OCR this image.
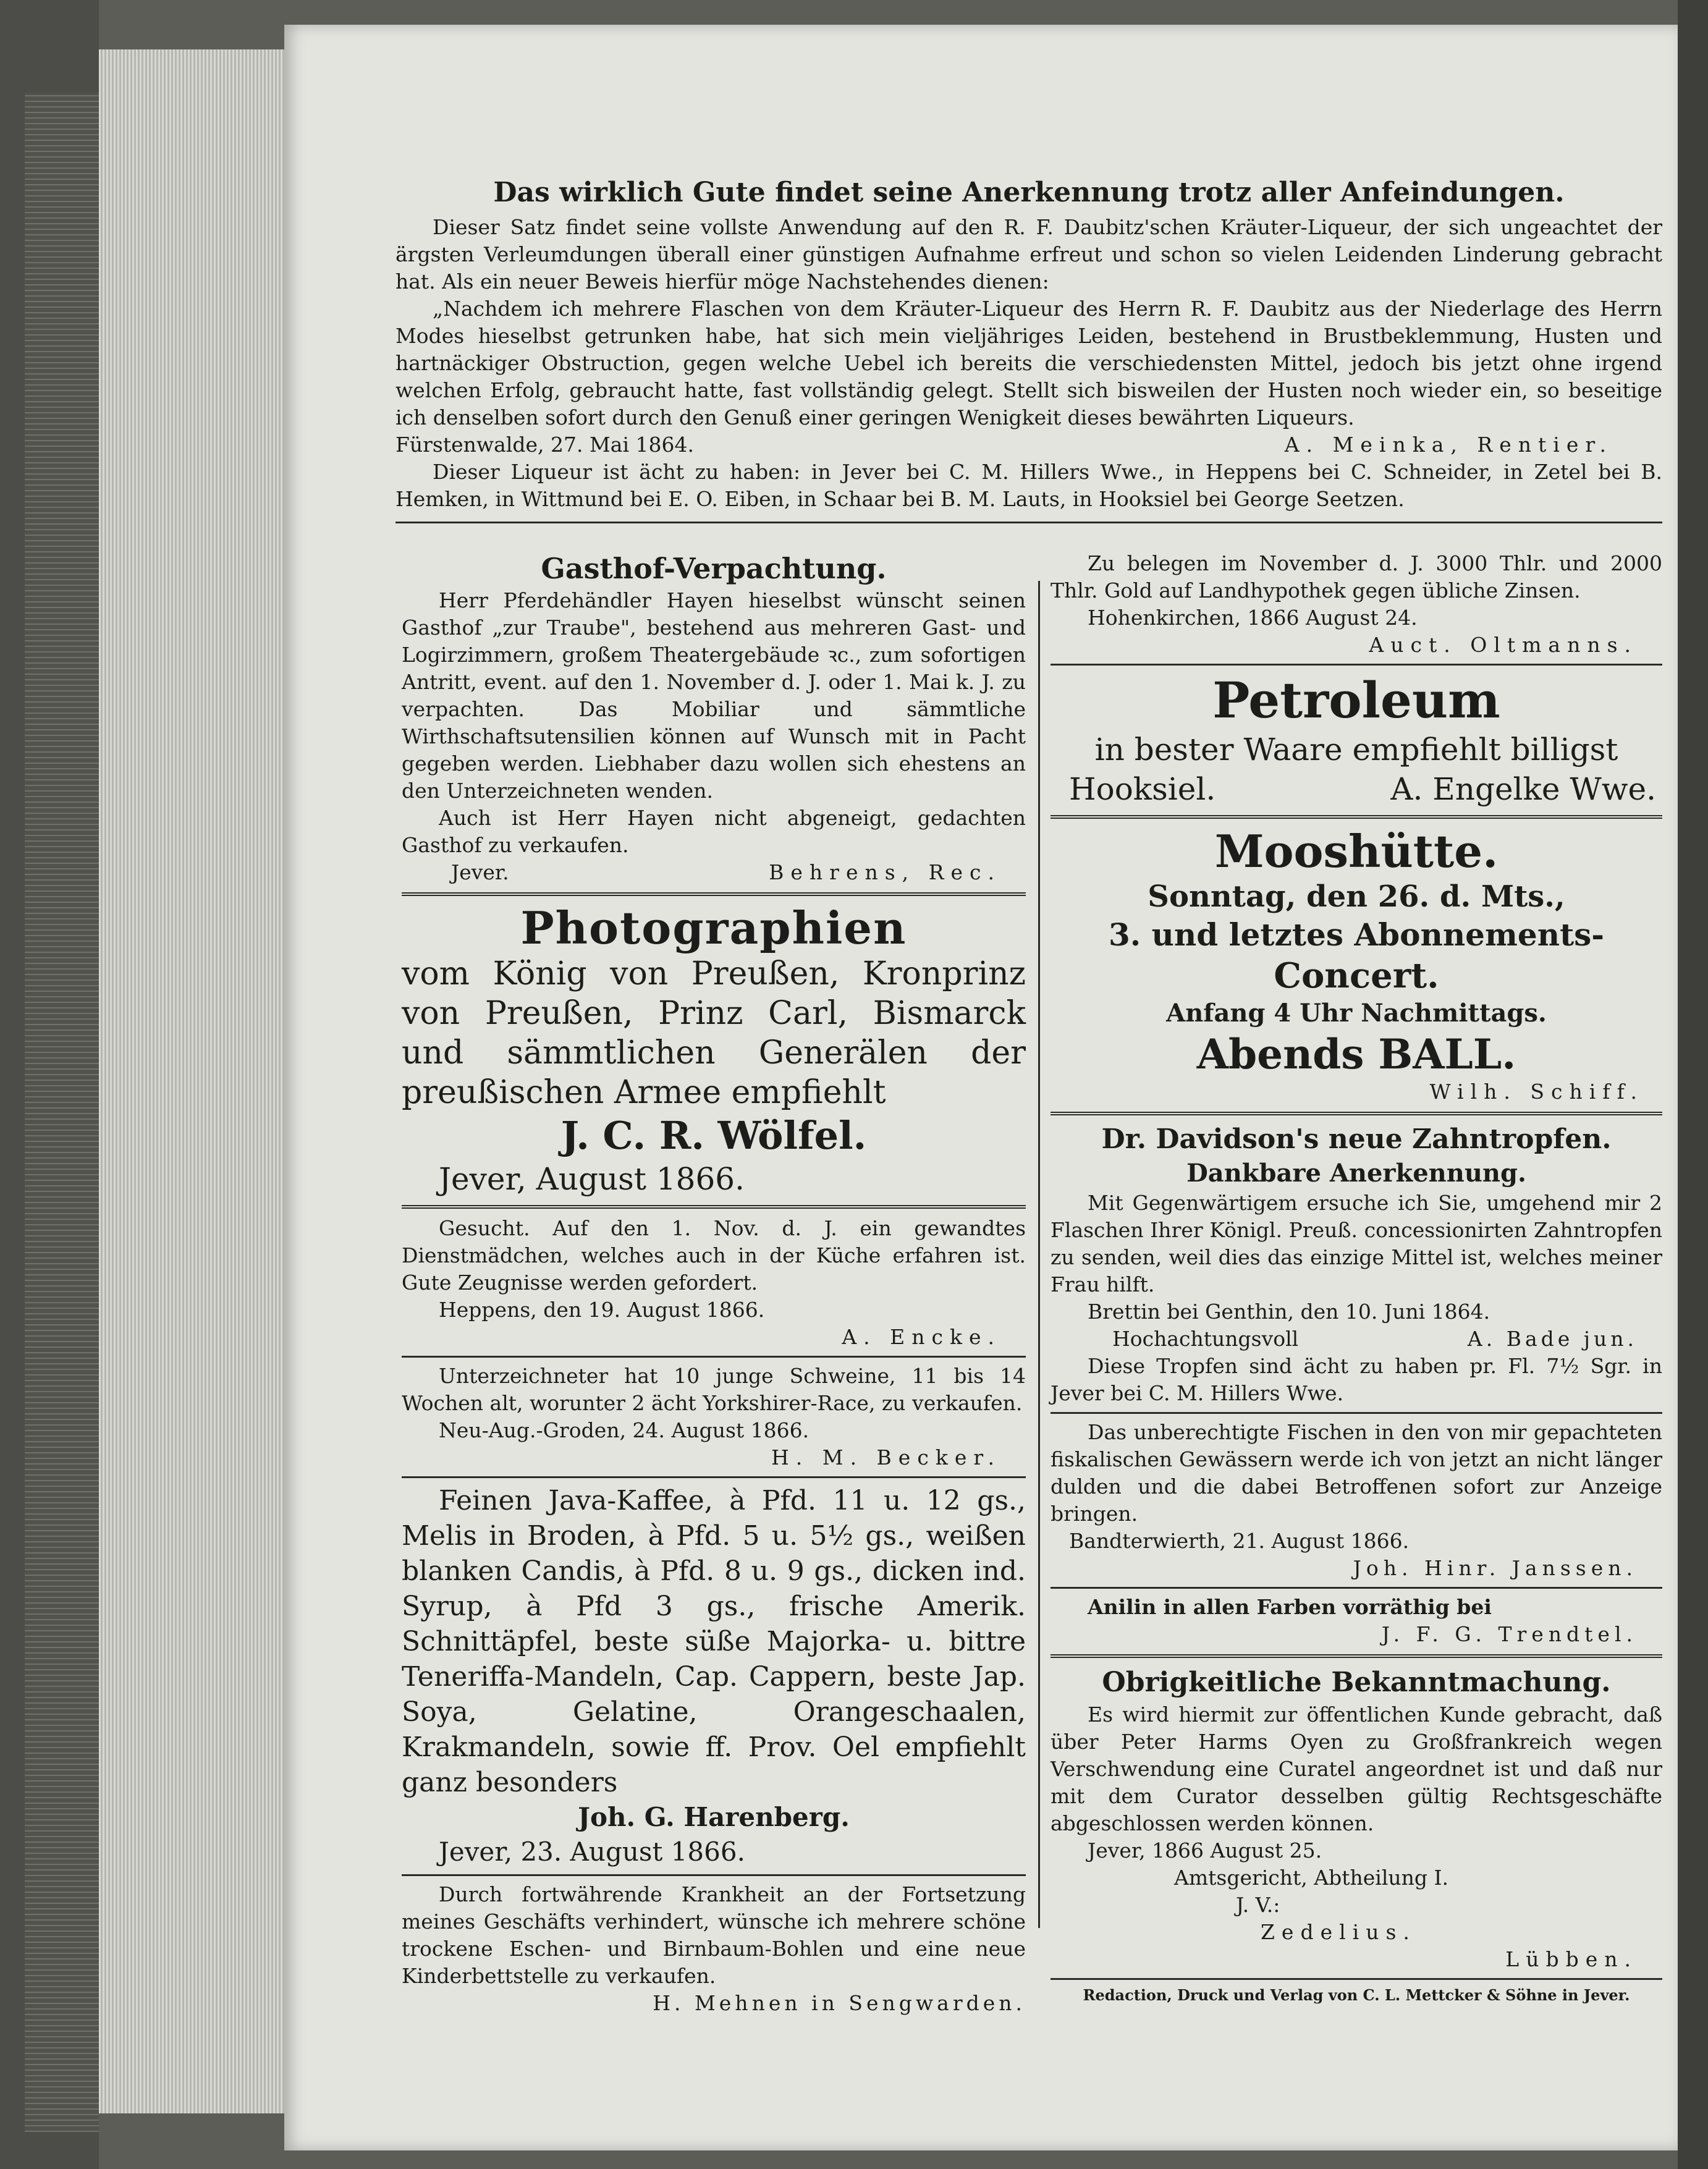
Das wirklich Gute findet seine Anerkennung trotz aller Anfeindungen.

Dieser Satz findet seine vollste Anwendung auf den R. F. Daubitz'schen Kräuter-Liqueur, der sich ungeachtet der ärgsten Verleumdungen überall einer günstigen Aufnahme erfreut und schon so vielen Leidenden Linderung gebracht hat. Als ein neuer Beweis hierfür möge Nachstehendes dienen:

„Nachdem ich mehrere Flaschen von dem Kräuter-Liqueur des Herrn R. F. Daubitz aus der Niederlage des Herrn Modes hieselbst getrunken habe, hat sich mein vieljähriges Leiden, bestehend in Brustbeklemmung, Husten und hartnäckiger Obstruction, gegen welche Uebel ich bereits die verschiedensten Mittel, jedoch bis jetzt ohne irgend welchen Erfolg, gebraucht hatte, fast vollständig gelegt. Stellt sich bisweilen der Husten noch wieder ein, so beseitige ich denselben sofort durch den Genuß einer geringen Wenigkeit dieses bewährten Liqueurs.

Fürstenwalde, 27. Mai 1864.	A. Meinka, Rentier.

Dieser Liqueur ist ächt zu haben: in Jever bei C. M. Hillers Wwe., in Heppens bei C. Schneider, in Zetel bei B. Hemken, in Wittmund bei E. O. Eiben, in Schaar bei B. M. Lauts, in Hooksiel bei George Seetzen.

Gasthof-Verpachtung.

Herr Pferdehändler Hayen hieselbst wünscht seinen Gasthof „zur Traube", bestehend aus mehreren Gast- und Logirzimmern, großem Theatergebäude ꝛc., zum sofortigen Antritt, event. auf den 1. November d. J. oder 1. Mai k. J. zu verpachten. Das Mobiliar und sämmtliche Wirthschaftsutensilien können auf Wunsch mit in Pacht gegeben werden. Liebhaber dazu wollen sich ehestens an den Unterzeichneten wenden.

Auch ist Herr Hayen nicht abgeneigt, gedachten Gasthof zu verkaufen.

Jever.	Behrens, Rec.
Photographien

vom König von Preußen, Kronprinz von Preußen, Prinz Carl, Bismarck und sämmtlichen Generälen der preußischen Armee empfiehlt

J. C. R. Wölfel.

Jever, August 1866.

Gesucht. Auf den 1. Nov. d. J. ein gewandtes Dienstmädchen, welches auch in der Küche erfahren ist. Gute Zeugnisse werden gefordert.

Heppens, den 19. August 1866.

A. Encke.

Unterzeichneter hat 10 junge Schweine, 11 bis 14 Wochen alt, worunter 2 ächt Yorkshirer-Race, zu verkaufen.

Neu-Aug.-Groden, 24. August 1866.

H. M. Becker.

Feinen Java-Kaffee, à Pfd. 11 u. 12 gs., Melis in Broden, à Pfd. 5 u. 5½ gs., weißen blanken Candis, à Pfd. 8 u. 9 gs., dicken ind. Syrup, à Pfd 3 gs., frische Amerik. Schnittäpfel, beste süße Majorka- u. bittre Teneriffa-Mandeln, Cap. Cappern, beste Jap. Soya, Gelatine, Orangeschaalen, Krakmandeln, sowie ff. Prov. Oel empfiehlt ganz besonders

Joh. G. Harenberg.

Jever, 23. August 1866.

Durch fortwährende Krankheit an der Fortsetzung meines Geschäfts verhindert, wünsche ich mehrere schöne trockene Eschen- und Birnbaum-Bohlen und eine neue Kinderbettstelle zu verkaufen.

H. Mehnen in Sengwarden.

Zu belegen im November d. J. 3000 Thlr. und 2000 Thlr. Gold auf Landhypothek gegen übliche Zinsen.

Hohenkirchen, 1866 August 24.

Auct. Oltmanns.
Petroleum

in bester Waare empfiehlt billigst

Hooksiel.	A. Engelke Wwe.
Mooshütte.

Sonntag, den 26. d. Mts.,

3. und letztes Abonnements-

Concert.

Anfang 4 Uhr Nachmittags.

Abends BALL.

Wilh. Schiff.
Dr. Davidson's neue Zahntropfen.
Dankbare Anerkennung.

Mit Gegenwärtigem ersuche ich Sie, umgehend mir 2 Flaschen Ihrer Königl. Preuß. concessionirten Zahntropfen zu senden, weil dies das einzige Mittel ist, welches meiner Frau hilft.

Brettin bei Genthin, den 10. Juni 1864.

Hochachtungsvoll	A. Bade jun.

Diese Tropfen sind ächt zu haben pr. Fl. 7½ Sgr. in Jever bei C. M. Hillers Wwe.

Das unberechtigte Fischen in den von mir gepachteten fiskalischen Gewässern werde ich von jetzt an nicht länger dulden und die dabei Betroffenen sofort zur Anzeige bringen.

Bandterwierth, 21. August 1866.

Joh. Hinr. Janssen.

Anilin in allen Farben vorräthig bei

J. F. G. Trendtel.
Obrigkeitliche Bekanntmachung.

Es wird hiermit zur öffentlichen Kunde gebracht, daß über Peter Harms Oyen zu Großfrankreich wegen Verschwendung eine Curatel angeordnet ist und daß nur mit dem Curator desselben gültig Rechtsgeschäfte abgeschlossen werden können.

Jever, 1866 August 25.

Amtsgericht, Abtheilung I.

J. V.:

Zedelius.

Lübben.

Redaction, Druck und Verlag von C. L. Mettcker & Söhne in Jever.
